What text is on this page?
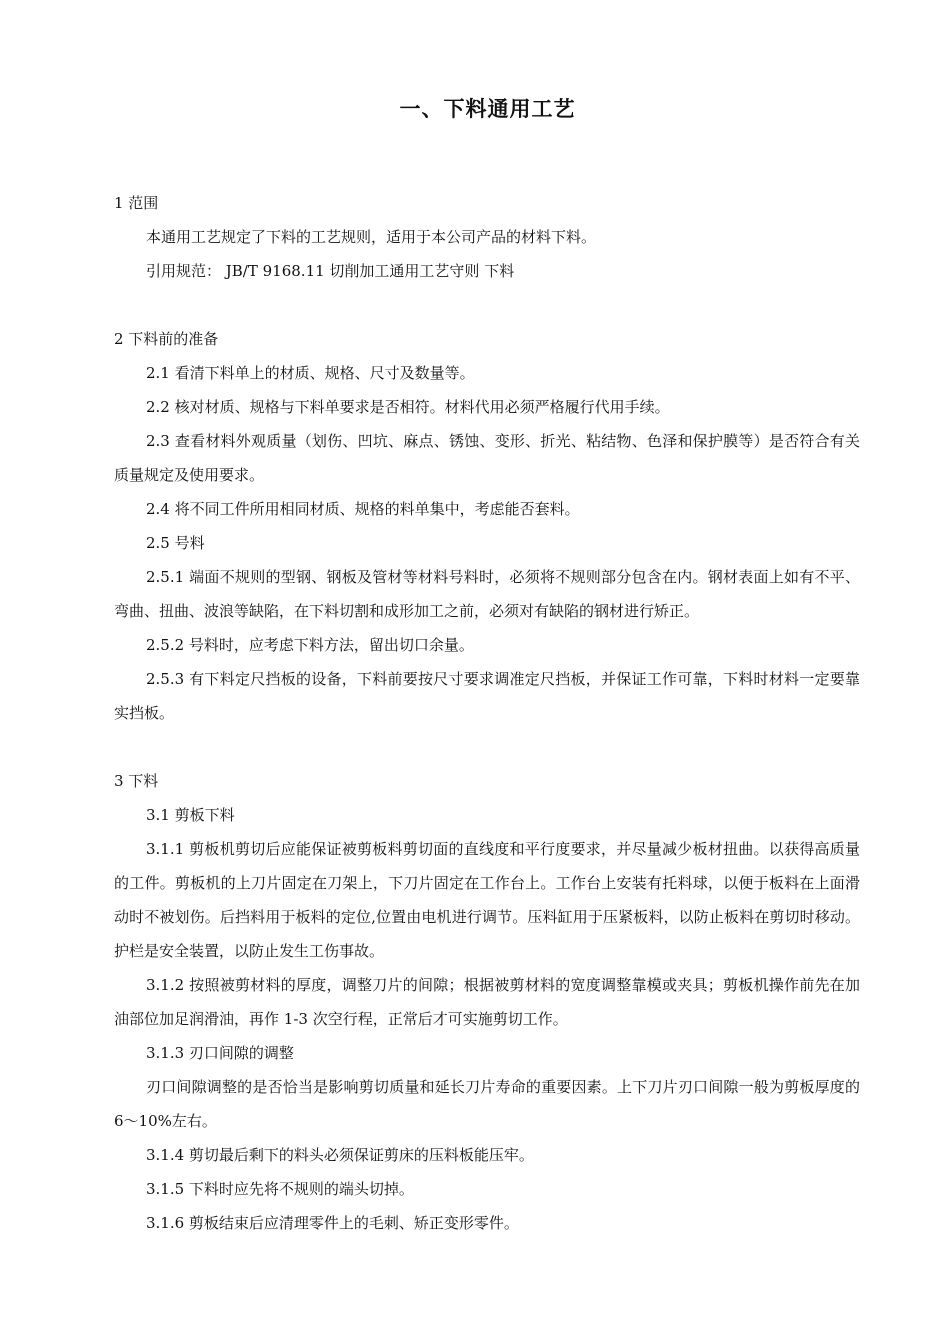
一、下料通用工艺
1 范围
本通用工艺规定了下料的工艺规则，适用于本公司产品的材料下料。
引用规范： JB/T 9168.11 切削加工通用工艺守则 下料
2 下料前的准备
2.1 看清下料单上的材质、规格、尺寸及数量等。
2.2 核对材质、规格与下料单要求是否相符。材料代用必须严格履行代用手续。
2.3 查看材料外观质量（划伤、凹坑、麻点、锈蚀、变形、折光、粘结物、色泽和保护膜等）是否符合有关质量规定及使用要求。
2.4 将不同工件所用相同材质、规格的料单集中，考虑能否套料。
2.5 号料
2.5.1 端面不规则的型钢、钢板及管材等材料号料时，必须将不规则部分包含在内。钢材表面上如有不平、弯曲、扭曲、波浪等缺陷，在下料切割和成形加工之前，必须对有缺陷的钢材进行矫正。
2.5.2 号料时，应考虑下料方法，留出切口余量。
2.5.3 有下料定尺挡板的设备，下料前要按尺寸要求调准定尺挡板，并保证工作可靠，下料时材料一定要靠实挡板。
3 下料
3.1 剪板下料
3.1.1 剪板机剪切后应能保证被剪板料剪切面的直线度和平行度要求，并尽量减少板材扭曲。以获得高质量的工件。剪板机的上刀片固定在刀架上，下刀片固定在工作台上。工作台上安装有托料球，以便于板料在上面滑动时不被划伤。后挡料用于板料的定位,位置由电机进行调节。压料缸用于压紧板料，以防止板料在剪切时移动。护栏是安全装置，以防止发生工伤事故。
3.1.2 按照被剪材料的厚度，调整刀片的间隙；根据被剪材料的宽度调整靠模或夹具；剪板机操作前先在加油部位加足润滑油，再作 1-3 次空行程，正常后才可实施剪切工作。
3.1.3 刃口间隙的调整
刃口间隙调整的是否恰当是影响剪切质量和延长刀片寿命的重要因素。上下刀片刃口间隙一般为剪板厚度的 6～10%左右。
3.1.4 剪切最后剩下的料头必须保证剪床的压料板能压牢。
3.1.5 下料时应先将不规则的端头切掉。
3.1.6 剪板结束后应清理零件上的毛刺、矫正变形零件。
